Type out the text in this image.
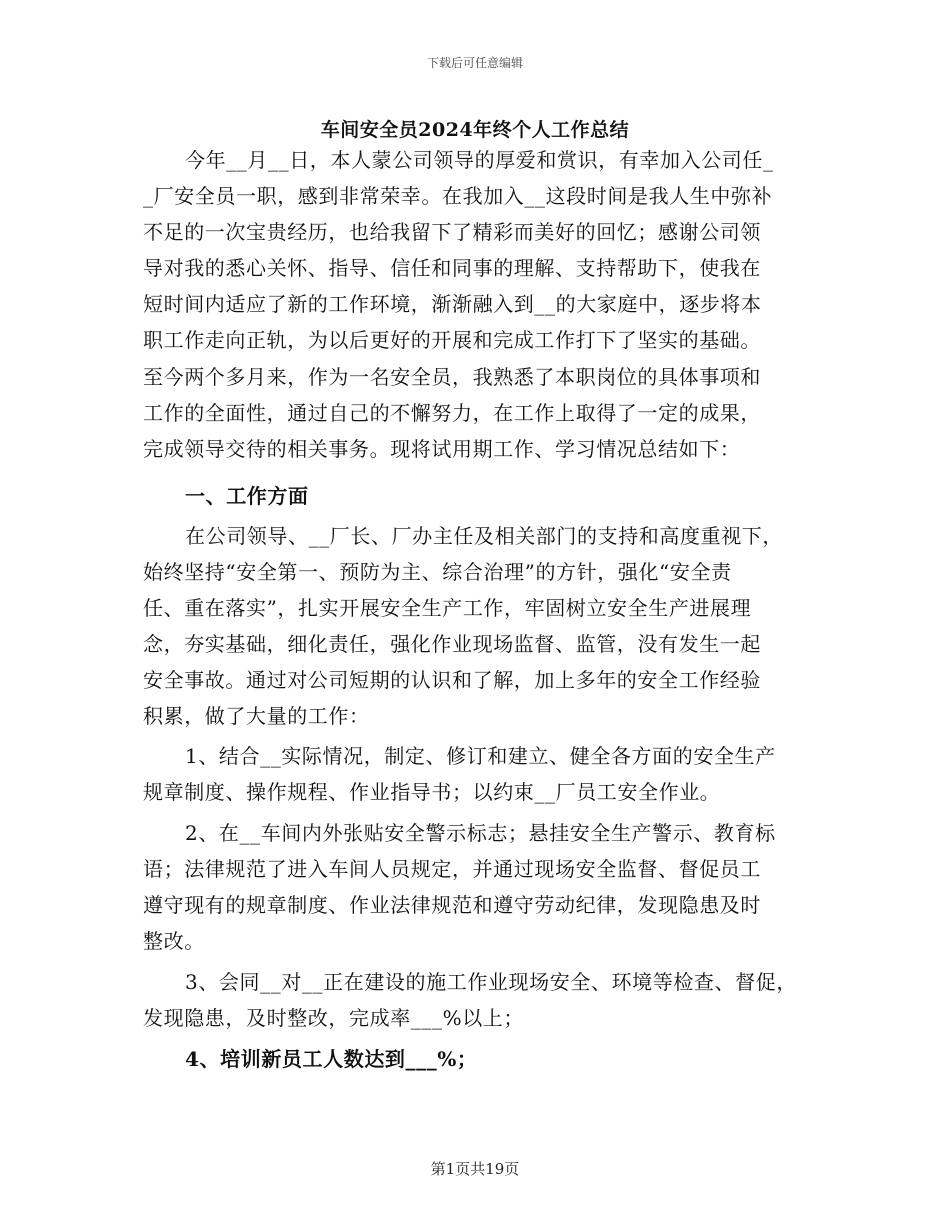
下载后可任意编辑
车间安全员2024年终个人工作总结
今年__月__日，本人蒙公司领导的厚爱和赏识，有幸加入公司任_
_厂安全员一职，感到非常荣幸。在我加入__这段时间是我人生中弥补
不足的一次宝贵经历，也给我留下了精彩而美好的回忆；感谢公司领
导对我的悉心关怀、指导、信任和同事的理解、支持帮助下，使我在
短时间内适应了新的工作环境，渐渐融入到__的大家庭中，逐步将本
职工作走向正轨，为以后更好的开展和完成工作打下了坚实的基础。
至今两个多月来，作为一名安全员，我熟悉了本职岗位的具体事项和
工作的全面性，通过自己的不懈努力，在工作上取得了一定的成果，
完成领导交待的相关事务。现将试用期工作、学习情况总结如下：
一、工作方面
在公司领导、__厂长、厂办主任及相关部门的支持和高度重视下，
始终坚持“安全第一、预防为主、综合治理”的方针，强化“安全责
任、重在落实”，扎实开展安全生产工作，牢固树立安全生产进展理
念，夯实基础，细化责任，强化作业现场监督、监管，没有发生一起
安全事故。通过对公司短期的认识和了解，加上多年的安全工作经验
积累，做了大量的工作：
1、结合__实际情况，制定、修订和建立、健全各方面的安全生产
规章制度、操作规程、作业指导书；以约束__厂员工安全作业。
2、在__车间内外张贴安全警示标志；悬挂安全生产警示、教育标
语；法律规范了进入车间人员规定，并通过现场安全监督、督促员工
遵守现有的规章制度、作业法律规范和遵守劳动纪律，发现隐患及时
整改。
3、会同__对__正在建设的施工作业现场安全、环境等检查、督促，
发现隐患，及时整改，完成率___%以上；
4、培训新员工人数达到___%；
第1页共19页
